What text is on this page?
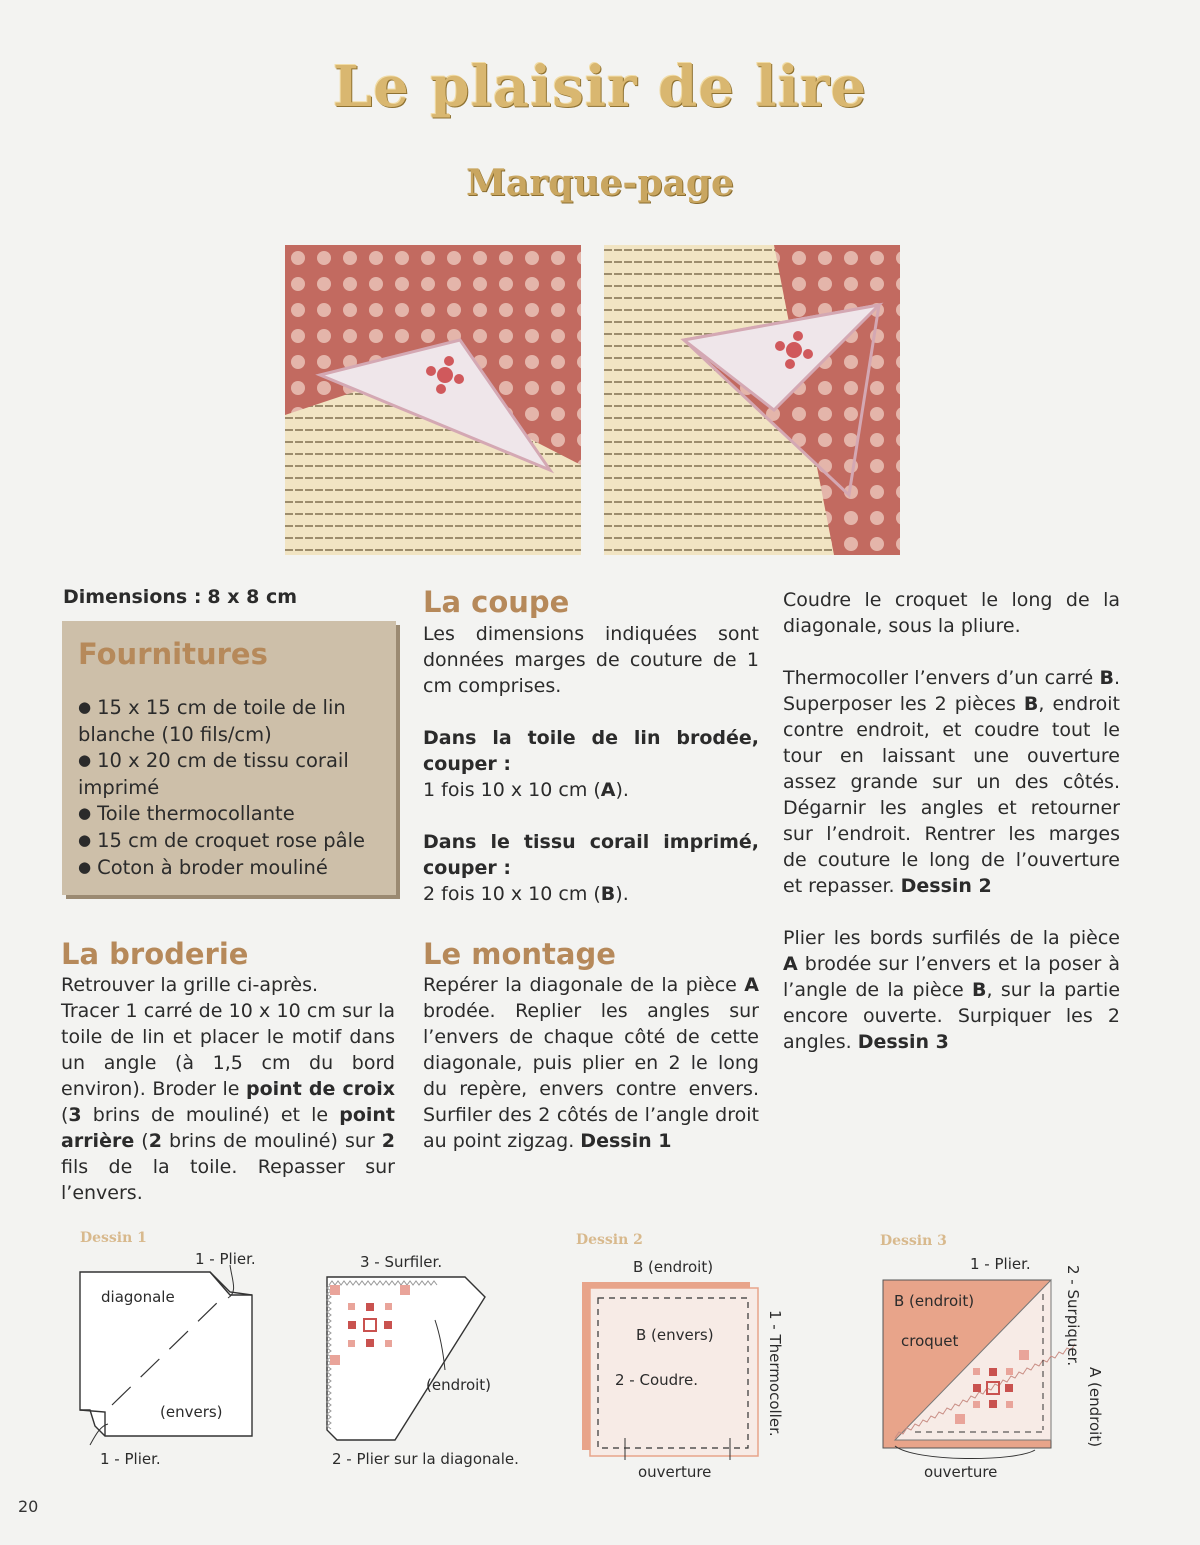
Le plaisir de lire
Marque-page
Dimensions : 8 x 8 cm
Fournitures
● 15 x 15 cm de toile de lin blanche (10 fils/cm)
● 10 x 20 cm de tissu corail imprimé
● Toile thermocollante
● 15 cm de croquet rose pâle
● Coton à broder mouliné
La broderie
Retrouver la grille ci-après.
Tracer 1 carré de 10 x 10 cm sur la toile de lin et placer le motif dans un angle (à 1,5 cm du bord environ). Broder le point de croix (3 brins de mouliné) et le point arrière (2 brins de mouliné) sur 2 fils de la toile. Repasser sur l’envers.
La coupe

Les dimensions indiquées sont données marges de couture de 1 cm comprises.

Dans la toile de lin brodée, couper :
1 fois 10 x 10 cm (A).

Dans le tissu corail imprimé, couper :
2 fois 10 x 10 cm (B).

Le montage
Repérer la diagonale de la pièce A brodée. Replier les angles sur l’envers de chaque côté de cette diagonale, puis plier en 2 le long du repère, envers contre envers. Surfiler des 2 côtés de l’angle droit au point zigzag. Dessin 1

Coudre le croquet le long de la diagonale, sous la pliure.

Thermocoller l’envers d’un carré B. Superposer les 2 pièces B, endroit contre endroit, et coudre tout le tour en laissant une ouverture assez grande sur un des côtés. Dégarnir les angles et retourner sur l’endroit. Rentrer les marges de couture le long de l’ouverture et repasser. Dessin 2

Plier les bords surfilés de la pièce A brodée sur l’envers et la poser à l’angle de la pièce B, sur la partie encore ouverte. Surpiquer les 2 angles. Dessin 3

Dessin 1
1 - Plier.
diagonale
(envers)
1 - Plier.
3 - Surfiler.
(endroit)
2 - Plier sur la diagonale.
Dessin 2
B (endroit)
B (envers)
2 - Coudre.	1 - Thermocoller.
ouverture
Dessin 3
1 - Plier.
B (endroit)
croquet	2 - Surpiquer.
A (endroit)
ouverture
20
